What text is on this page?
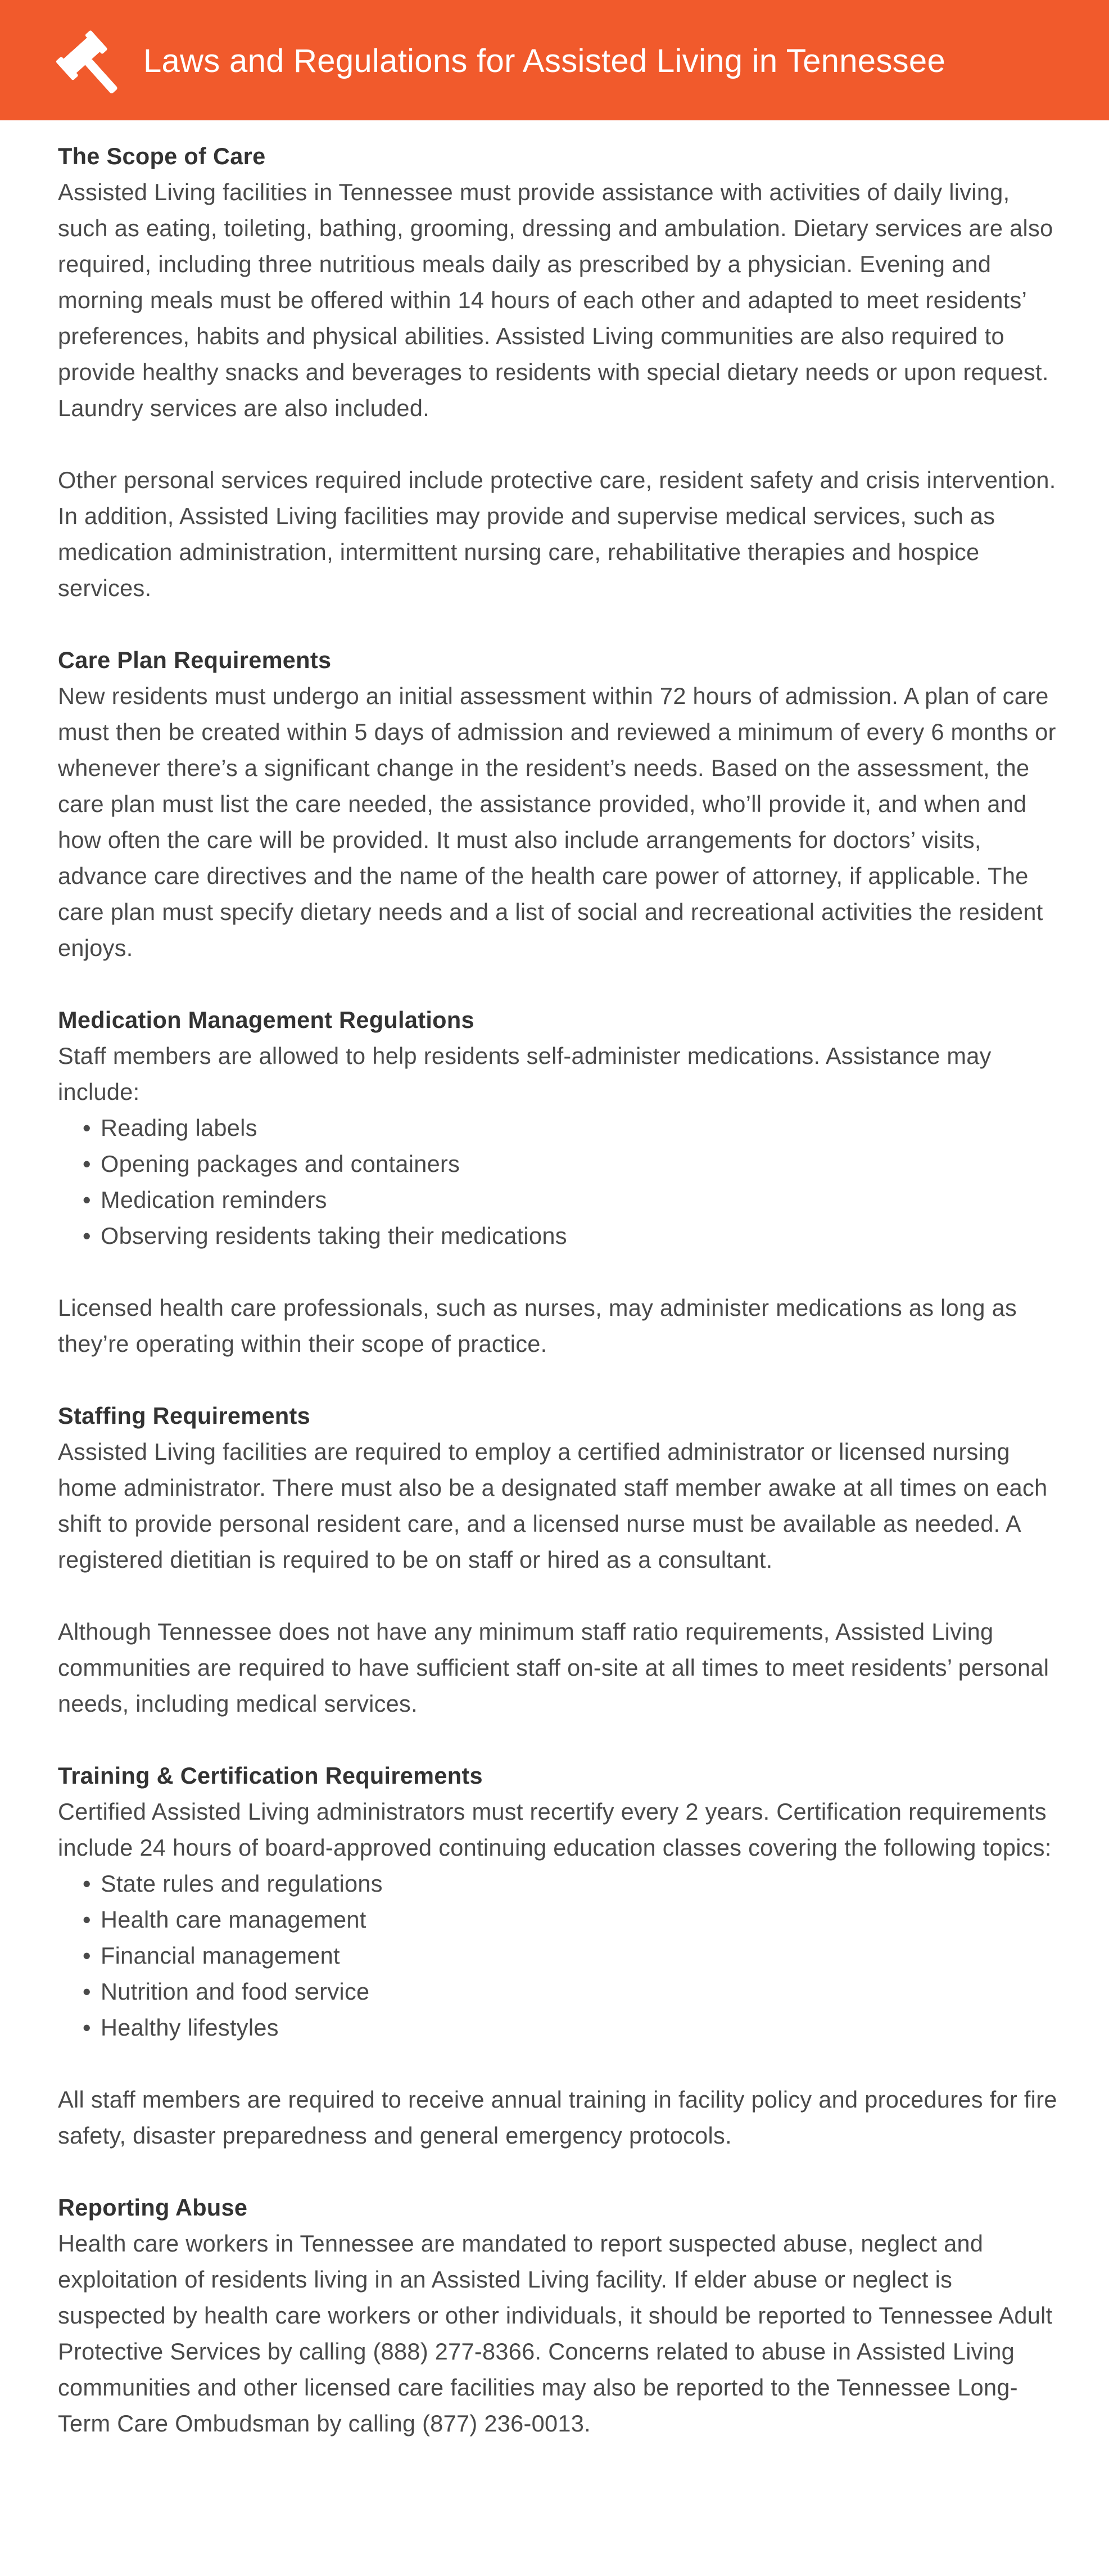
Laws and Regulations for Assisted Living in Tennessee
The Scope of Care

Assisted Living facilities in Tennessee must provide assistance with activities of daily living, such as eating, toileting, bathing, grooming, dressing and ambulation. Dietary services are also required, including three nutritious meals daily as prescribed by a physician. Evening and morning meals must be offered within 14 hours of each other and adapted to meet residents’ preferences, habits and physical abilities. Assisted Living communities are also required to provide healthy snacks and beverages to residents with special dietary needs or upon request. Laundry services are also included.

Other personal services required include protective care, resident safety and crisis intervention. In addition, Assisted Living facilities may provide and supervise medical services, such as medication administration, intermittent nursing care, rehabilitative therapies and hospice services.

Care Plan Requirements

New residents must undergo an initial assessment within 72 hours of admission. A plan of care must then be created within 5 days of admission and reviewed a minimum of every 6 months or whenever there’s a significant change in the resident’s needs. Based on the assessment, the care plan must list the care needed, the assistance provided, who’ll provide it, and when and how often the care will be provided. It must also include arrangements for doctors’ visits, advance care directives and the name of the health care power of attorney, if applicable. The care plan must specify dietary needs and a list of social and recreational activities the resident enjoys.

Medication Management Regulations

Staff members are allowed to help residents self-administer medications. Assistance may include:

• Reading labels
• Opening packages and containers
• Medication reminders
• Observing residents taking their medications

Licensed health care professionals, such as nurses, may administer medications as long as they’re operating within their scope of practice.

Staffing Requirements

Assisted Living facilities are required to employ a certified administrator or licensed nursing home administrator. There must also be a designated staff member awake at all times on each shift to provide personal resident care, and a licensed nurse must be available as needed. A registered dietitian is required to be on staff or hired as a consultant.

Although Tennessee does not have any minimum staff ratio requirements, Assisted Living communities are required to have sufficient staff on-site at all times to meet residents’ personal needs, including medical services.

Training & Certification Requirements

Certified Assisted Living administrators must recertify every 2 years. Certification requirements include 24 hours of board-approved continuing education classes covering the following topics:

• State rules and regulations
• Health care management
• Financial management
• Nutrition and food service
• Healthy lifestyles

All staff members are required to receive annual training in facility policy and procedures for fire safety, disaster preparedness and general emergency protocols.

Reporting Abuse

Health care workers in Tennessee are mandated to report suspected abuse, neglect and exploitation of residents living in an Assisted Living facility. If elder abuse or neglect is suspected by health care workers or other individuals, it should be reported to Tennessee Adult Protective Services by calling (888) 277-8366. Concerns related to abuse in Assisted Living communities and other licensed care facilities may also be reported to the Tennessee Long-Term Care Ombudsman by calling (877) 236-0013.
